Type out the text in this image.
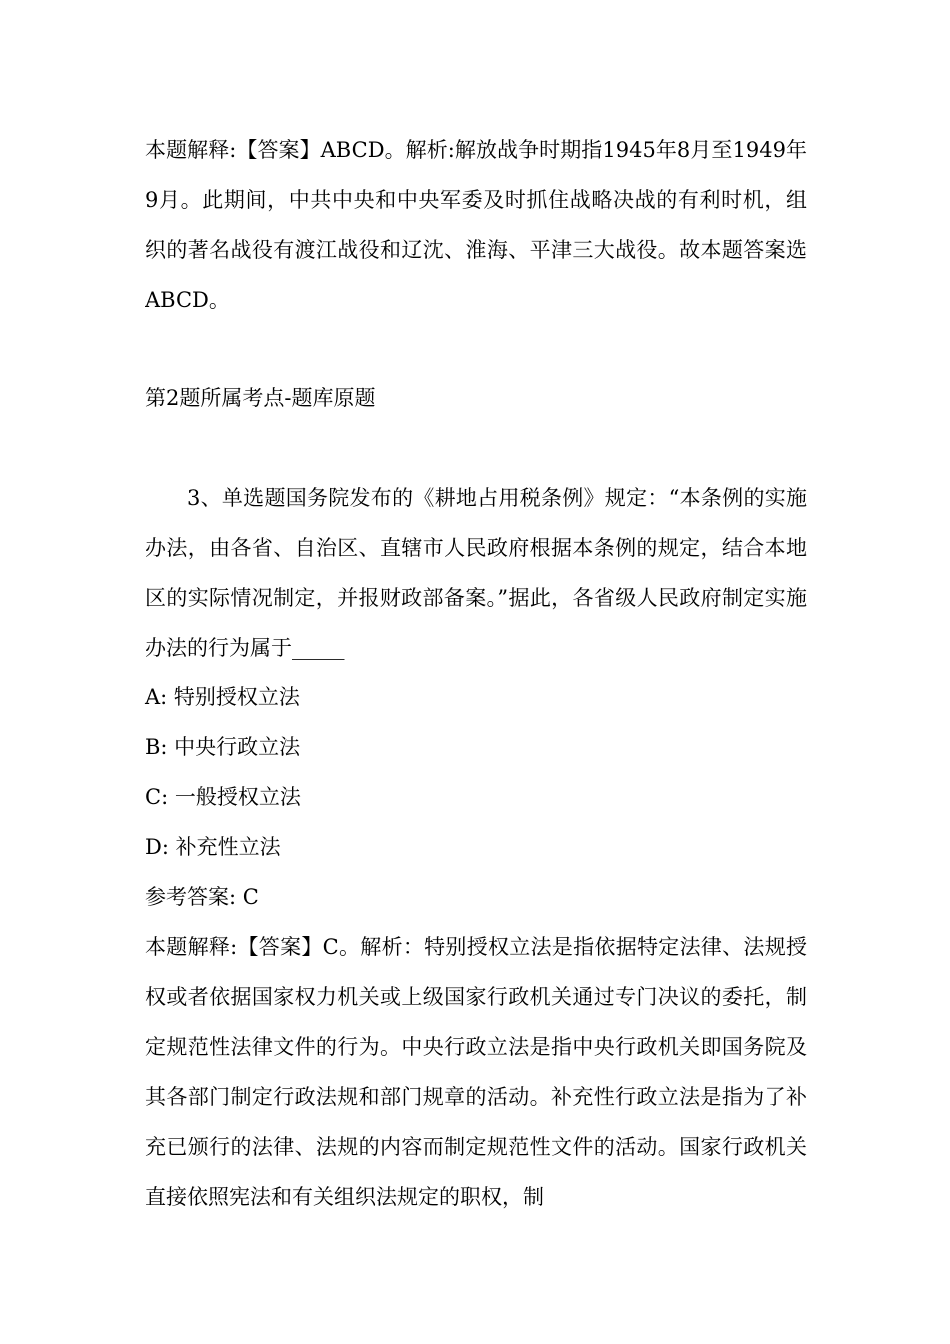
本题解释:【答案】ABCD。解析:解放战争时期指1945年8月至1949年9月。此期间，中共中央和中央军委及时抓住战略决战的有利时机，组织的著名战役有渡江战役和辽沈、淮海、平津三大战役。故本题答案选ABCD。

第2题所属考点-题库原题

3、单选题国务院发布的《耕地占用税条例》规定：“本条例的实施办法，由各省、自治区、直辖市人民政府根据本条例的规定，结合本地区的实际情况制定，并报财政部备案。”据此，各省级人民政府制定实施办法的行为属于_____

A: 特别授权立法

B: 中央行政立法

C: 一般授权立法

D: 补充性立法

参考答案: C

本题解释:【答案】C。解析：特别授权立法是指依据特定法律、法规授权或者依据国家权力机关或上级国家行政机关通过专门决议的委托，制定规范性法律文件的行为。中央行政立法是指中央行政机关即国务院及其各部门制定行政法规和部门规章的活动。补充性行政立法是指为了补充已颁行的法律、法规的内容而制定规范性文件的活动。国家行政机关直接依照宪法和有关组织法规定的职权，制
